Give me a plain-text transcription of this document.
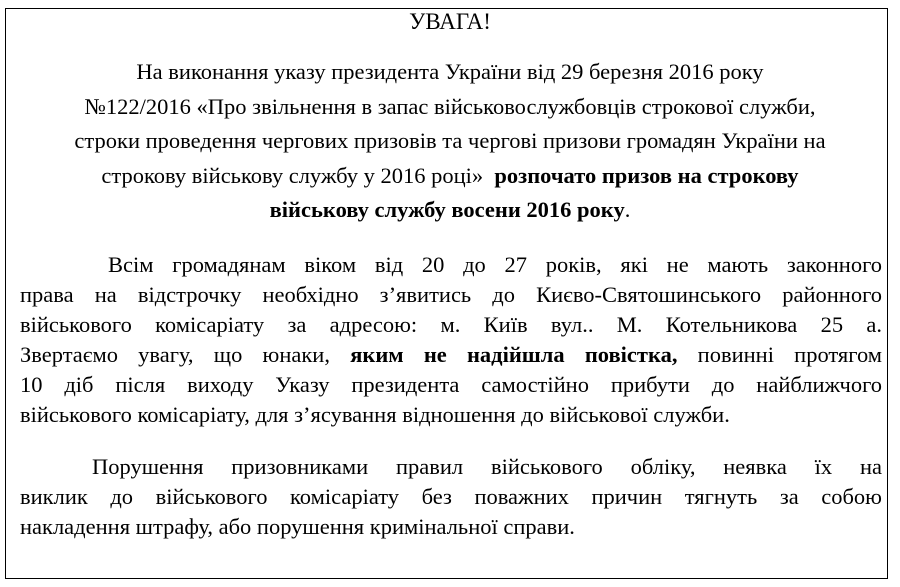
УВАГА!
На виконання указу президента України від 29 березня 2016 року
№122/2016 «Про звільнення в запас військовослужбовців строкової служби,
строки проведення чергових призовів та чергові призови громадян України на
строкову військову службу у 2016 році» розпочато призов на строкову
військову службу восени 2016 року.
Всім громадянам віком від 20 до 27 років, які не мають законного
права на відстрочку необхідно з’явитись до Києво-Святошинського районного
військового комісаріату за адресою: м. Київ вул.. М. Котельникова 25 а.
Звертаємо увагу, що юнаки, яким не надійшла повістка, повинні протягом
10 діб після виходу Указу президента самостійно прибути до найближчого
військового комісаріату, для з’ясування відношення до військової служби.
Порушення призовниками правил військового обліку, неявка їх на
виклик до військового комісаріату без поважних причин тягнуть за собою
накладення штрафу, або порушення кримінальної справи.
